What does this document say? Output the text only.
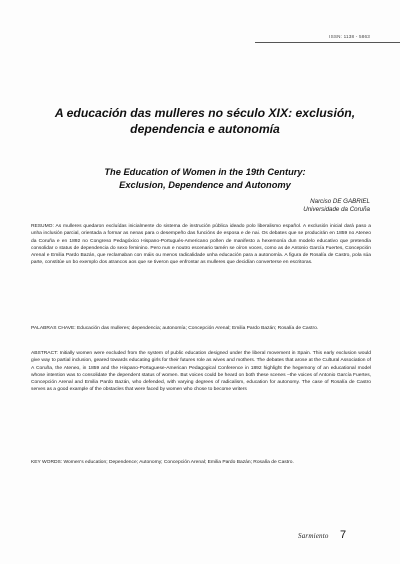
ISSN: 1138 - 5863
A educación das mulleres no século XIX: exclusión, dependencia e autonomía
The Education of Women in the 19th Century:
Exclusion, Dependence and Autonomy
Narciso DE GABRIEL
Universidade da Coruña

RESUMO: As mulleres quedaron excluídas inicialmente do sistema de instrución pública ideado polo liberalismo español. A exclusión inicial dará paso a unha inclusión parcial, orientada a formar as nenas para o desempeño das funcións de esposa e de nai. Os debates que se producirán en 1859 no Ateneo da Coruña e en 1892 no Congreso Pedagóxico Hispano-Portugués-Americano poñen de manifesto a hexemonía dun modelo educativo que pretendía consolidar o status de dependencia do sexo feminino. Pero nun e noutro escenario tamén se oíron voces, como as de Antonio García Fuertes, Concepción Arenal e Emilia Pardo Bazán, que reclamaban con máis ou menos radicalidade unha educación para a autonomía. A figura de Rosalía de Castro, pola súa parte, constitúe un bo exemplo dos atrancos aos que se tiveron que enfrontar as mulleres que decidían converterse en escritoras.

PALABRAS CHAVE: Educación das mulleres; dependencia; autonomía; Concepción Arenal; Emilia Pardo Bazán; Rosalía de Castro.

ABSTRACT: Initially women were excluded from the system of public education designed under the liberal movement in Spain. This early exclusion would give way to partial inclusion, geared towards educating girls for their futures role as wives and mothers. The debates that arose at the Cultural Association of A Coruña, the Ateneo, in 1859 and the Hispano-Portuguese-American Pedagogical Conference in 1892 highlight the hegemony of an educational model whose intention was to consolidate the dependent status of women. But voices could be heard on both these scenes –the voices of Antonio García Fuertes, Concepción Arenal and Emilia Pardo Bazán, who defended, with varying degrees of radicalism, education for autonomy. The case of Rosalía de Castro serves as a good example of the obstacles that were faced by women who chose to become writers

KEY WORDS: Women's education; Dependence; Autonomy; Concepción Arenal; Emilia Pardo Bazán; Rosalía de Castro.

Sarmiento 7
